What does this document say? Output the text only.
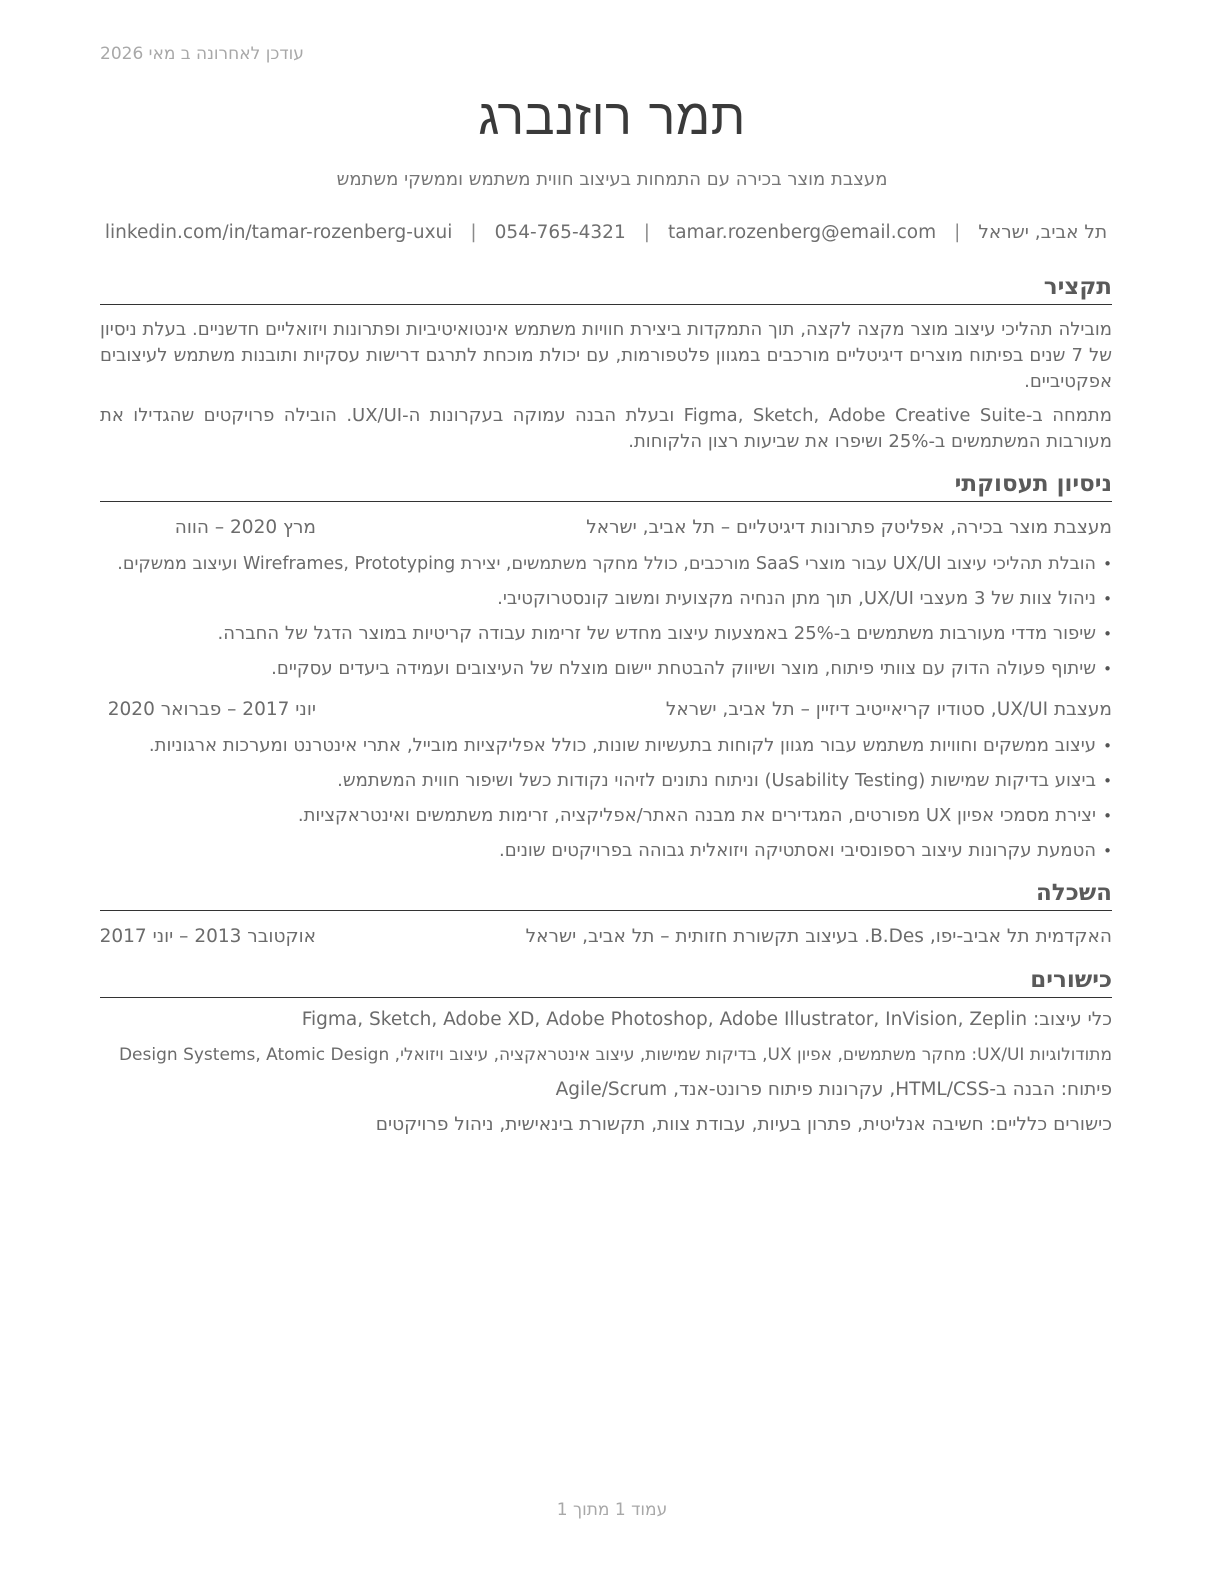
עודכן לאחרונה ב מאי 2026
תמר רוזנברג
מעצבת מוצר בכירה עם התמחות בעיצוב חווית משתמש וממשקי משתמש
תל אביב, ישראל
|
tamar.rozenberg@email.com
|
054-765-4321
|
linkedin.com/in/tamar-rozenberg-uxui
תקציר

מובילה תהליכי עיצוב מוצר מקצה לקצה, תוך התמקדות ביצירת חוויות משתמש אינטואיטיביות ופתרונות ויזואליים חדשניים. בעלת ניסיון של 7 שנים בפיתוח מוצרים דיגיטליים מורכבים במגוון פלטפורמות, עם יכולת מוכחת לתרגם דרישות עסקיות ותובנות משתמש לעיצובים אפקטיביים.

מתמחה ב-Figma, Sketch, Adobe Creative Suite ובעלת הבנה עמוקה בעקרונות ה-UX/UI. הובילה פרויקטים שהגדילו את מעורבות המשתמשים ב-25% ושיפרו את שביעות רצון הלקוחות.

ניסיון תעסוקתי
מעצבת מוצר בכירה, אפליטק פתרונות דיגיטליים – תל אביב, ישראל
מרץ 2020 – הווה
• הובלת תהליכי עיצוב UX/UI עבור מוצרי SaaS מורכבים, כולל מחקר משתמשים, יצירת Wireframes, Prototyping ועיצוב ממשקים.
• ניהול צוות של 3 מעצבי UX/UI, תוך מתן הנחיה מקצועית ומשוב קונסטרוקטיבי.
• שיפור מדדי מעורבות משתמשים ב-25% באמצעות עיצוב מחדש של זרימות עבודה קריטיות במוצר הדגל של החברה.
• שיתוף פעולה הדוק עם צוותי פיתוח, מוצר ושיווק להבטחת יישום מוצלח של העיצובים ועמידה ביעדים עסקיים.
מעצבת UX/UI, סטודיו קריאייטיב דיזיין – תל אביב, ישראל
יוני 2017 – פברואר 2020
• עיצוב ממשקים וחוויות משתמש עבור מגוון לקוחות בתעשיות שונות, כולל אפליקציות מובייל, אתרי אינטרנט ומערכות ארגוניות.
• ביצוע בדיקות שמישות (Usability Testing) וניתוח נתונים לזיהוי נקודות כשל ושיפור חווית המשתמש.
• יצירת מסמכי אפיון UX מפורטים, המגדירים את מבנה האתר/אפליקציה, זרימות משתמשים ואינטראקציות.
• הטמעת עקרונות עיצוב רספונסיבי ואסתטיקה ויזואלית גבוהה בפרויקטים שונים.
השכלה
האקדמית תל אביב-יפו, B.Des. בעיצוב תקשורת חזותית – תל אביב, ישראל
אוקטובר 2013 – יוני 2017
כישורים

כלי עיצוב: Figma, Sketch, Adobe XD, Adobe Photoshop, Adobe Illustrator, InVision, Zeplin

מתודולוגיות UX/UI: מחקר משתמשים, אפיון UX, בדיקות שמישות, עיצוב אינטראקציה, עיצוב ויזואלי, Design Systems, Atomic Design

פיתוח: הבנה ב-HTML/CSS, עקרונות פיתוח פרונט-אנד, Agile/Scrum

כישורים כלליים: חשיבה אנליטית, פתרון בעיות, עבודת צוות, תקשורת בינאישית, ניהול פרויקטים

עמוד 1 מתוך 1
